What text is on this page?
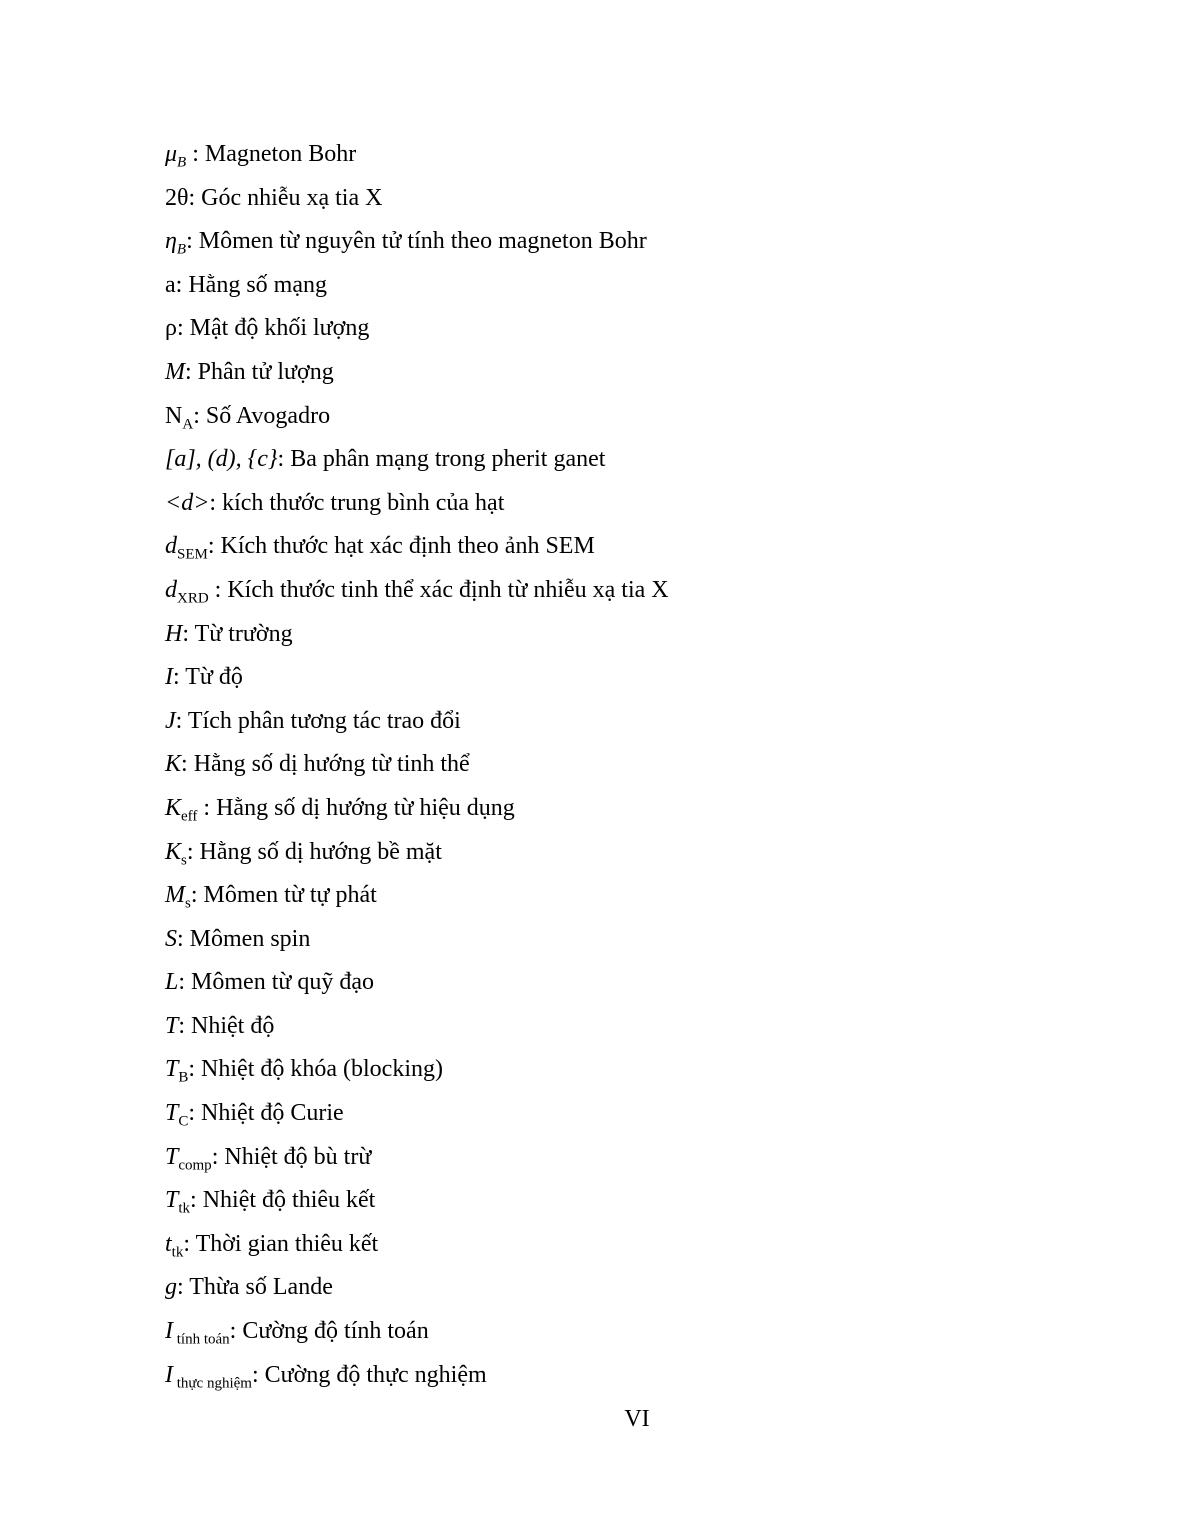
$\mu_B$ : Magneton Bohr
2θ: Góc nhiễu xạ tia X
$\eta_B$: Mômen từ nguyên tử tính theo magneton Bohr
a: Hằng số mạng
ρ: Mật độ khối lượng
M: Phân tử lượng
$N_A$: Số Avogadro
[a], (d), {c}: Ba phân mạng trong pherit ganet
<d>: kích thước trung bình của hạt
$d_{SEM}$: Kích thước hạt xác định theo ảnh SEM
$d_{XRD}$ : Kích thước tinh thể xác định từ nhiễu xạ tia X
H: Từ trường
I: Từ độ
J: Tích phân tương tác trao đổi
K: Hằng số dị hướng từ tinh thể
$K_{eff}$ : Hằng số dị hướng từ hiệu dụng
$K_s$: Hằng số dị hướng bề mặt
$M_s$: Mômen từ tự phát
S: Mômen spin
L: Mômen từ quỹ đạo
T: Nhiệt độ
$T_B$: Nhiệt độ khóa (blocking)
$T_C$: Nhiệt độ Curie
$T_{comp}$: Nhiệt độ bù trừ
$T_{tk}$: Nhiệt độ thiêu kết
$t_{tk}$: Thời gian thiêu kết
g: Thừa số Lande
I $_{tính toán}$: Cường độ tính toán
I $_{thực nghiệm}$: Cường độ thực nghiệm
VI
